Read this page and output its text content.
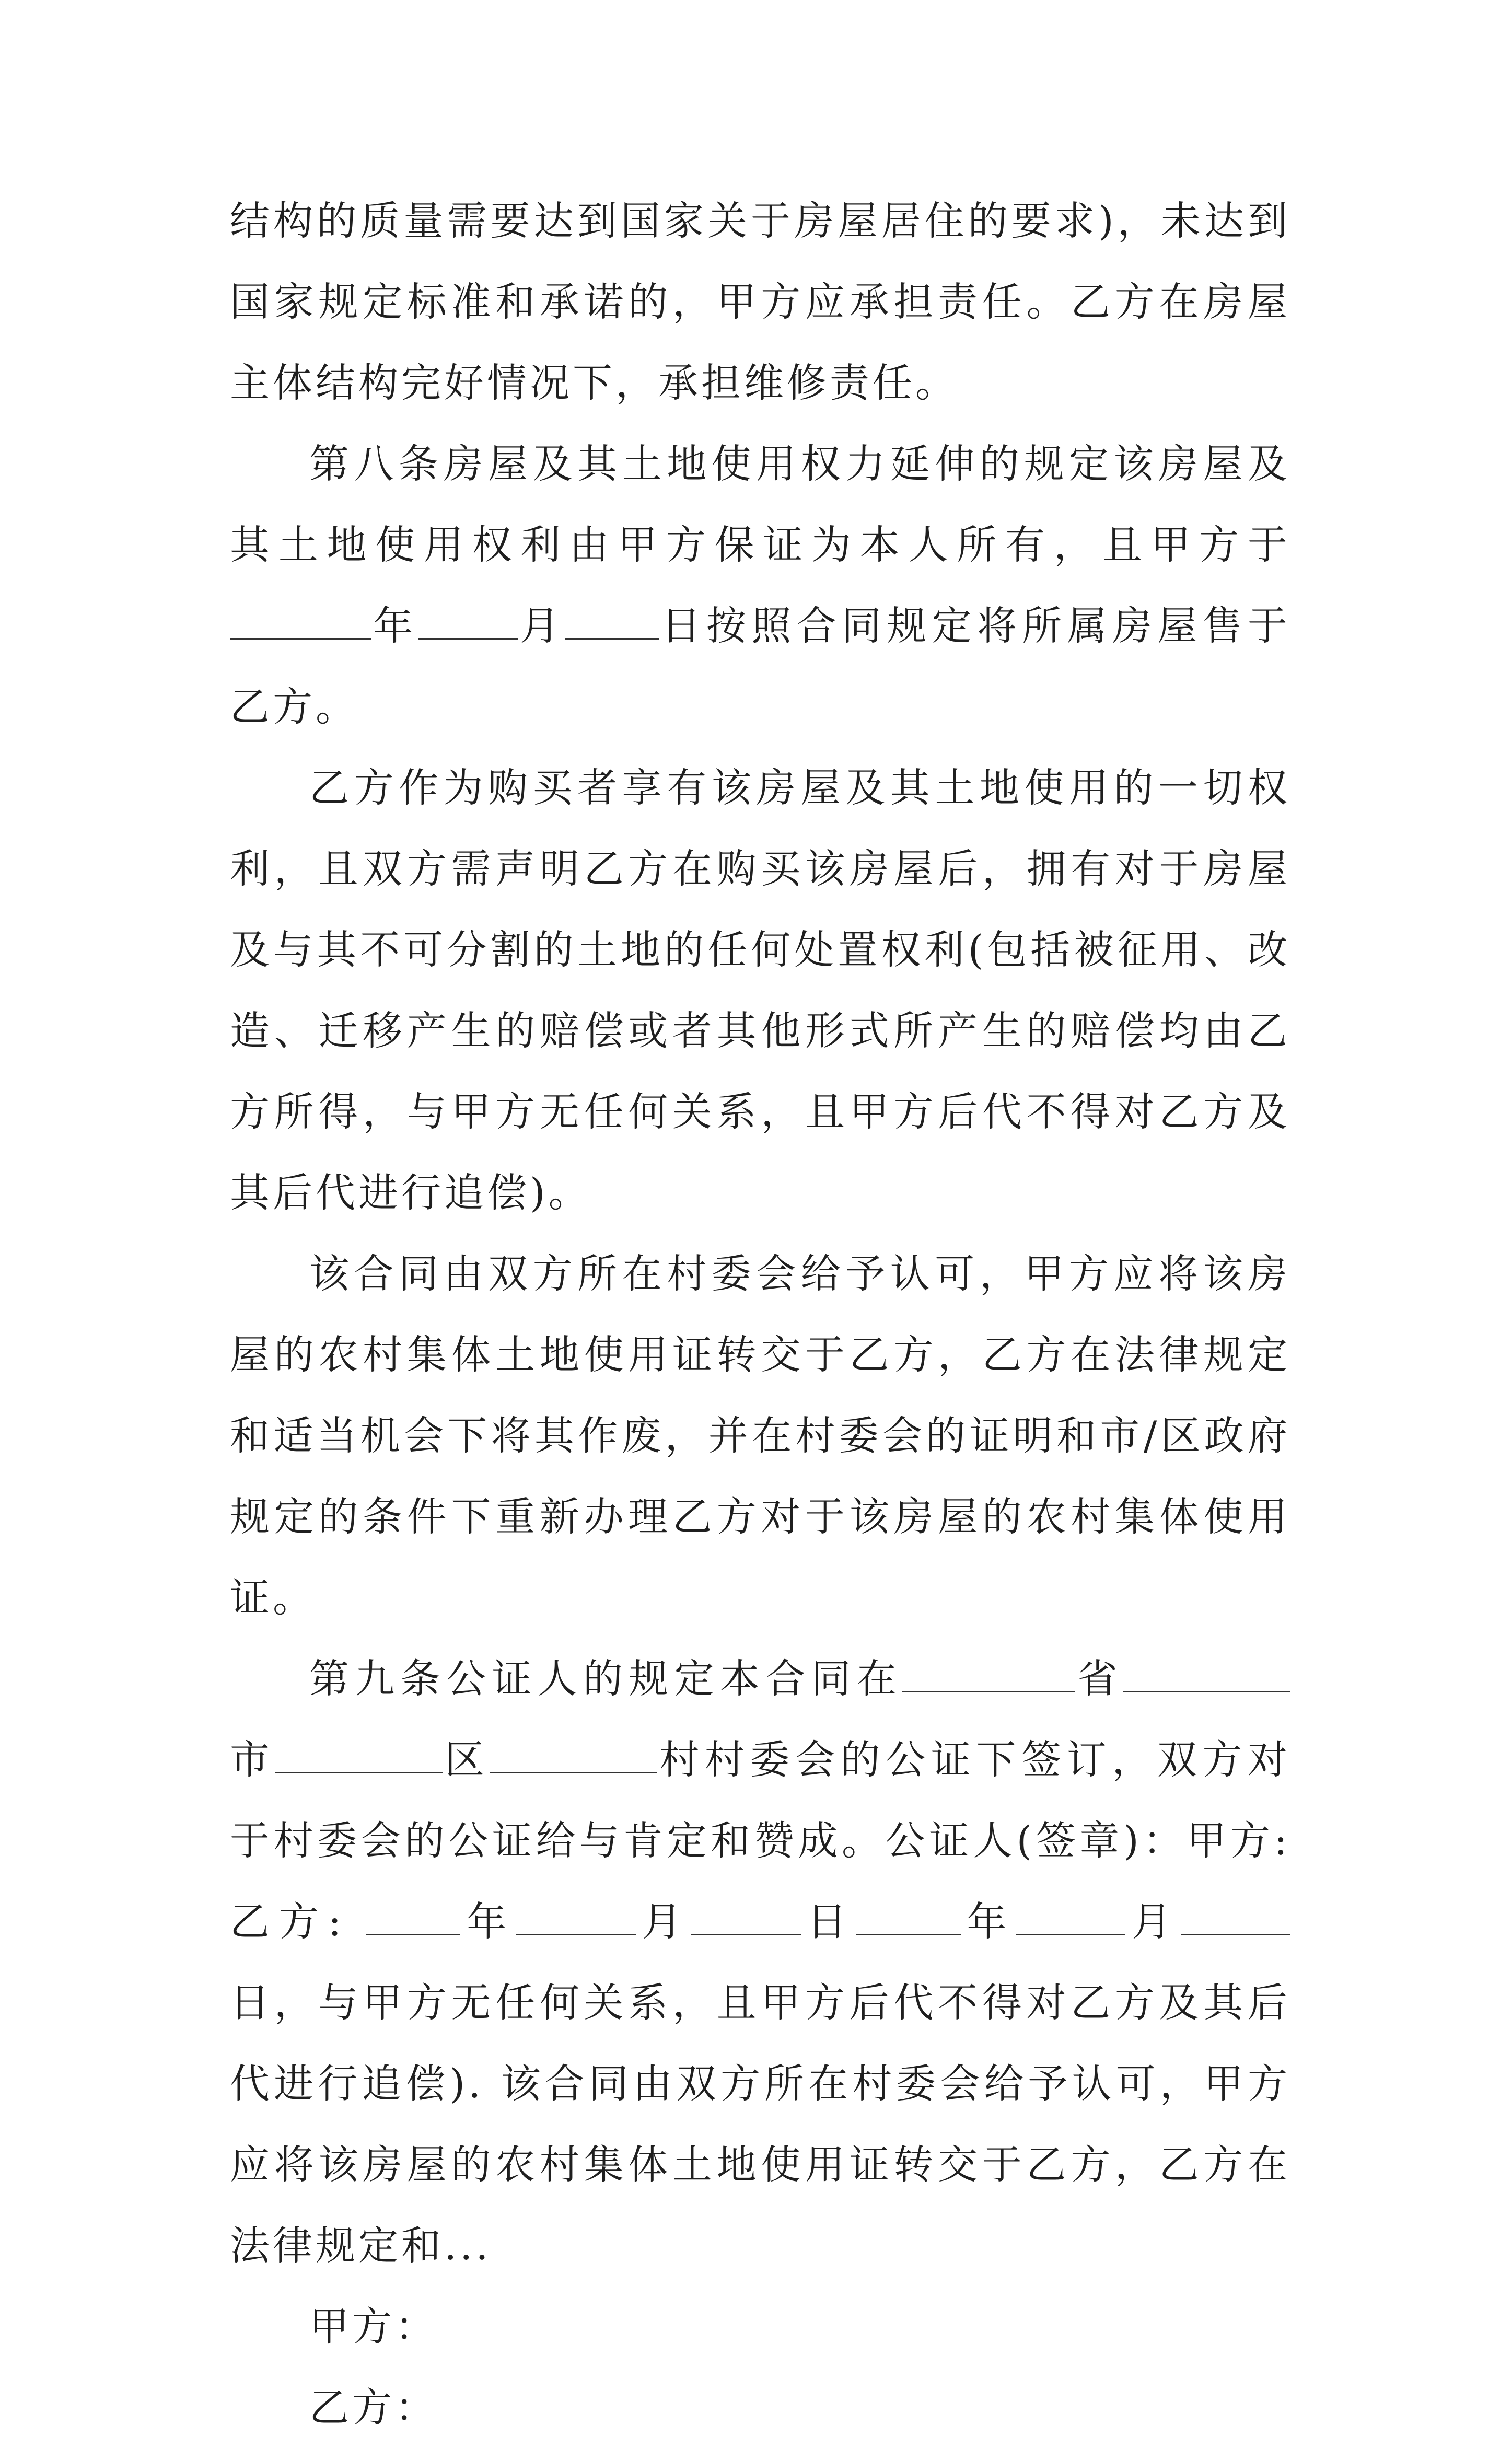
结构的质量需要达到国家关于房屋居住的要求)，未达到国家规定标准和承诺的，甲方应承担责任。乙方在房屋主体结构完好情况下，承担维修责任。

第八条房屋及其土地使用权力延伸的规定该房屋及其土地使用权利由甲方保证为本人所有，且甲方于年	月 日按照合同规定将所属房屋售于乙方。

乙方作为购买者享有该房屋及其土地使用的一切权利，且双方需声明乙方在购买该房屋后，拥有对于房屋及与其不可分割的土地的任何处置权利(包括被征用、改造、迁移产生的赔偿或者其他形式所产生的赔偿均由乙方所得，与甲方无任何关系，且甲方后代不得对乙方及其后代进行追偿)。

该合同由双方所在村委会给予认可，甲方应将该房屋的农村集体土地使用证转交于乙方，乙方在法律规定和适当机会下将其作废，并在村委会的证明和市/区政府规定的条件下重新办理乙方对于该房屋的农村集体使用证。

第九条公证人的规定本合同在	省市	区	村村委会的公证下签订，双方对于村委会的公证给与肯定和赞成。公证人(签章)：甲方: 乙方: 年	月	日	年	月日，与甲方无任何关系，且甲方后代不得对乙方及其后代进行追偿). 该合同由双方所在村委会给予认可，甲方应将该房屋的农村集体土地使用证转交于乙方，乙方在法律规定和...

甲方：

乙方：
